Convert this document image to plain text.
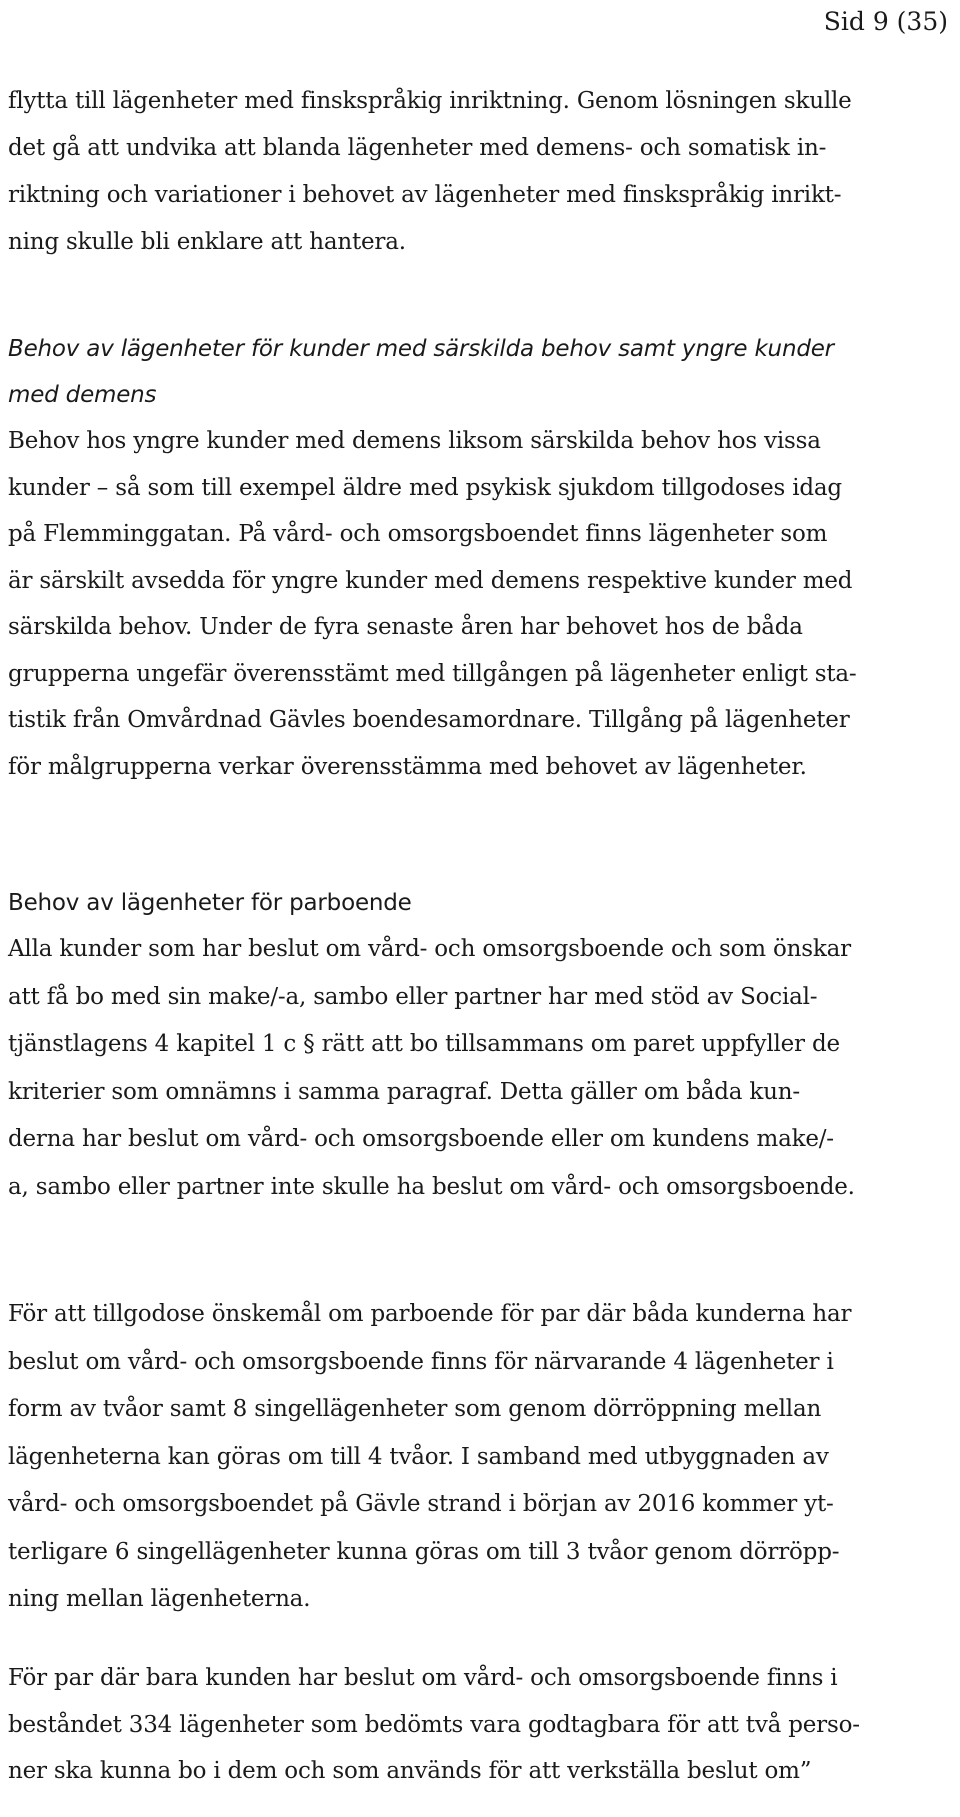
Sid 9 (35)
flytta till lägenheter med finskspråkig inriktning. Genom lösningen skulle
det gå att undvika att blanda lägenheter med demens- och somatisk in-
riktning och variationer i behovet av lägenheter med finskspråkig inrikt-
ning skulle bli enklare att hantera.
Behov av lägenheter för kunder med särskilda behov samt yngre kunder
med demens
Behov hos yngre kunder med demens liksom särskilda behov hos vissa
kunder – så som till exempel äldre med psykisk sjukdom tillgodoses idag
på Flemminggatan. På vård- och omsorgsboendet finns lägenheter som
är särskilt avsedda för yngre kunder med demens respektive kunder med
särskilda behov. Under de fyra senaste åren har behovet hos de båda
grupperna ungefär överensstämt med tillgången på lägenheter enligt sta-
tistik från Omvårdnad Gävles boendesamordnare. Tillgång på lägenheter
för målgrupperna verkar överensstämma med behovet av lägenheter.
Behov av lägenheter för parboende
Alla kunder som har beslut om vård- och omsorgsboende och som önskar
att få bo med sin make/-a, sambo eller partner har med stöd av Social-
tjänstlagens 4 kapitel 1 c § rätt att bo tillsammans om paret uppfyller de
kriterier som omnämns i samma paragraf. Detta gäller om båda kun-
derna har beslut om vård- och omsorgsboende eller om kundens make/-
a, sambo eller partner inte skulle ha beslut om vård- och omsorgsboende.
För att tillgodose önskemål om parboende för par där båda kunderna har
beslut om vård- och omsorgsboende finns för närvarande 4 lägenheter i
form av tvåor samt 8 singellägenheter som genom dörröppning mellan
lägenheterna kan göras om till 4 tvåor. I samband med utbyggnaden av
vård- och omsorgsboendet på Gävle strand i början av 2016 kommer yt-
terligare 6 singellägenheter kunna göras om till 3 tvåor genom dörröpp-
ning mellan lägenheterna.
För par där bara kunden har beslut om vård- och omsorgsboende finns i
beståndet 334 lägenheter som bedömts vara godtagbara för att två perso-
ner ska kunna bo i dem och som används för att verkställa beslut om”
